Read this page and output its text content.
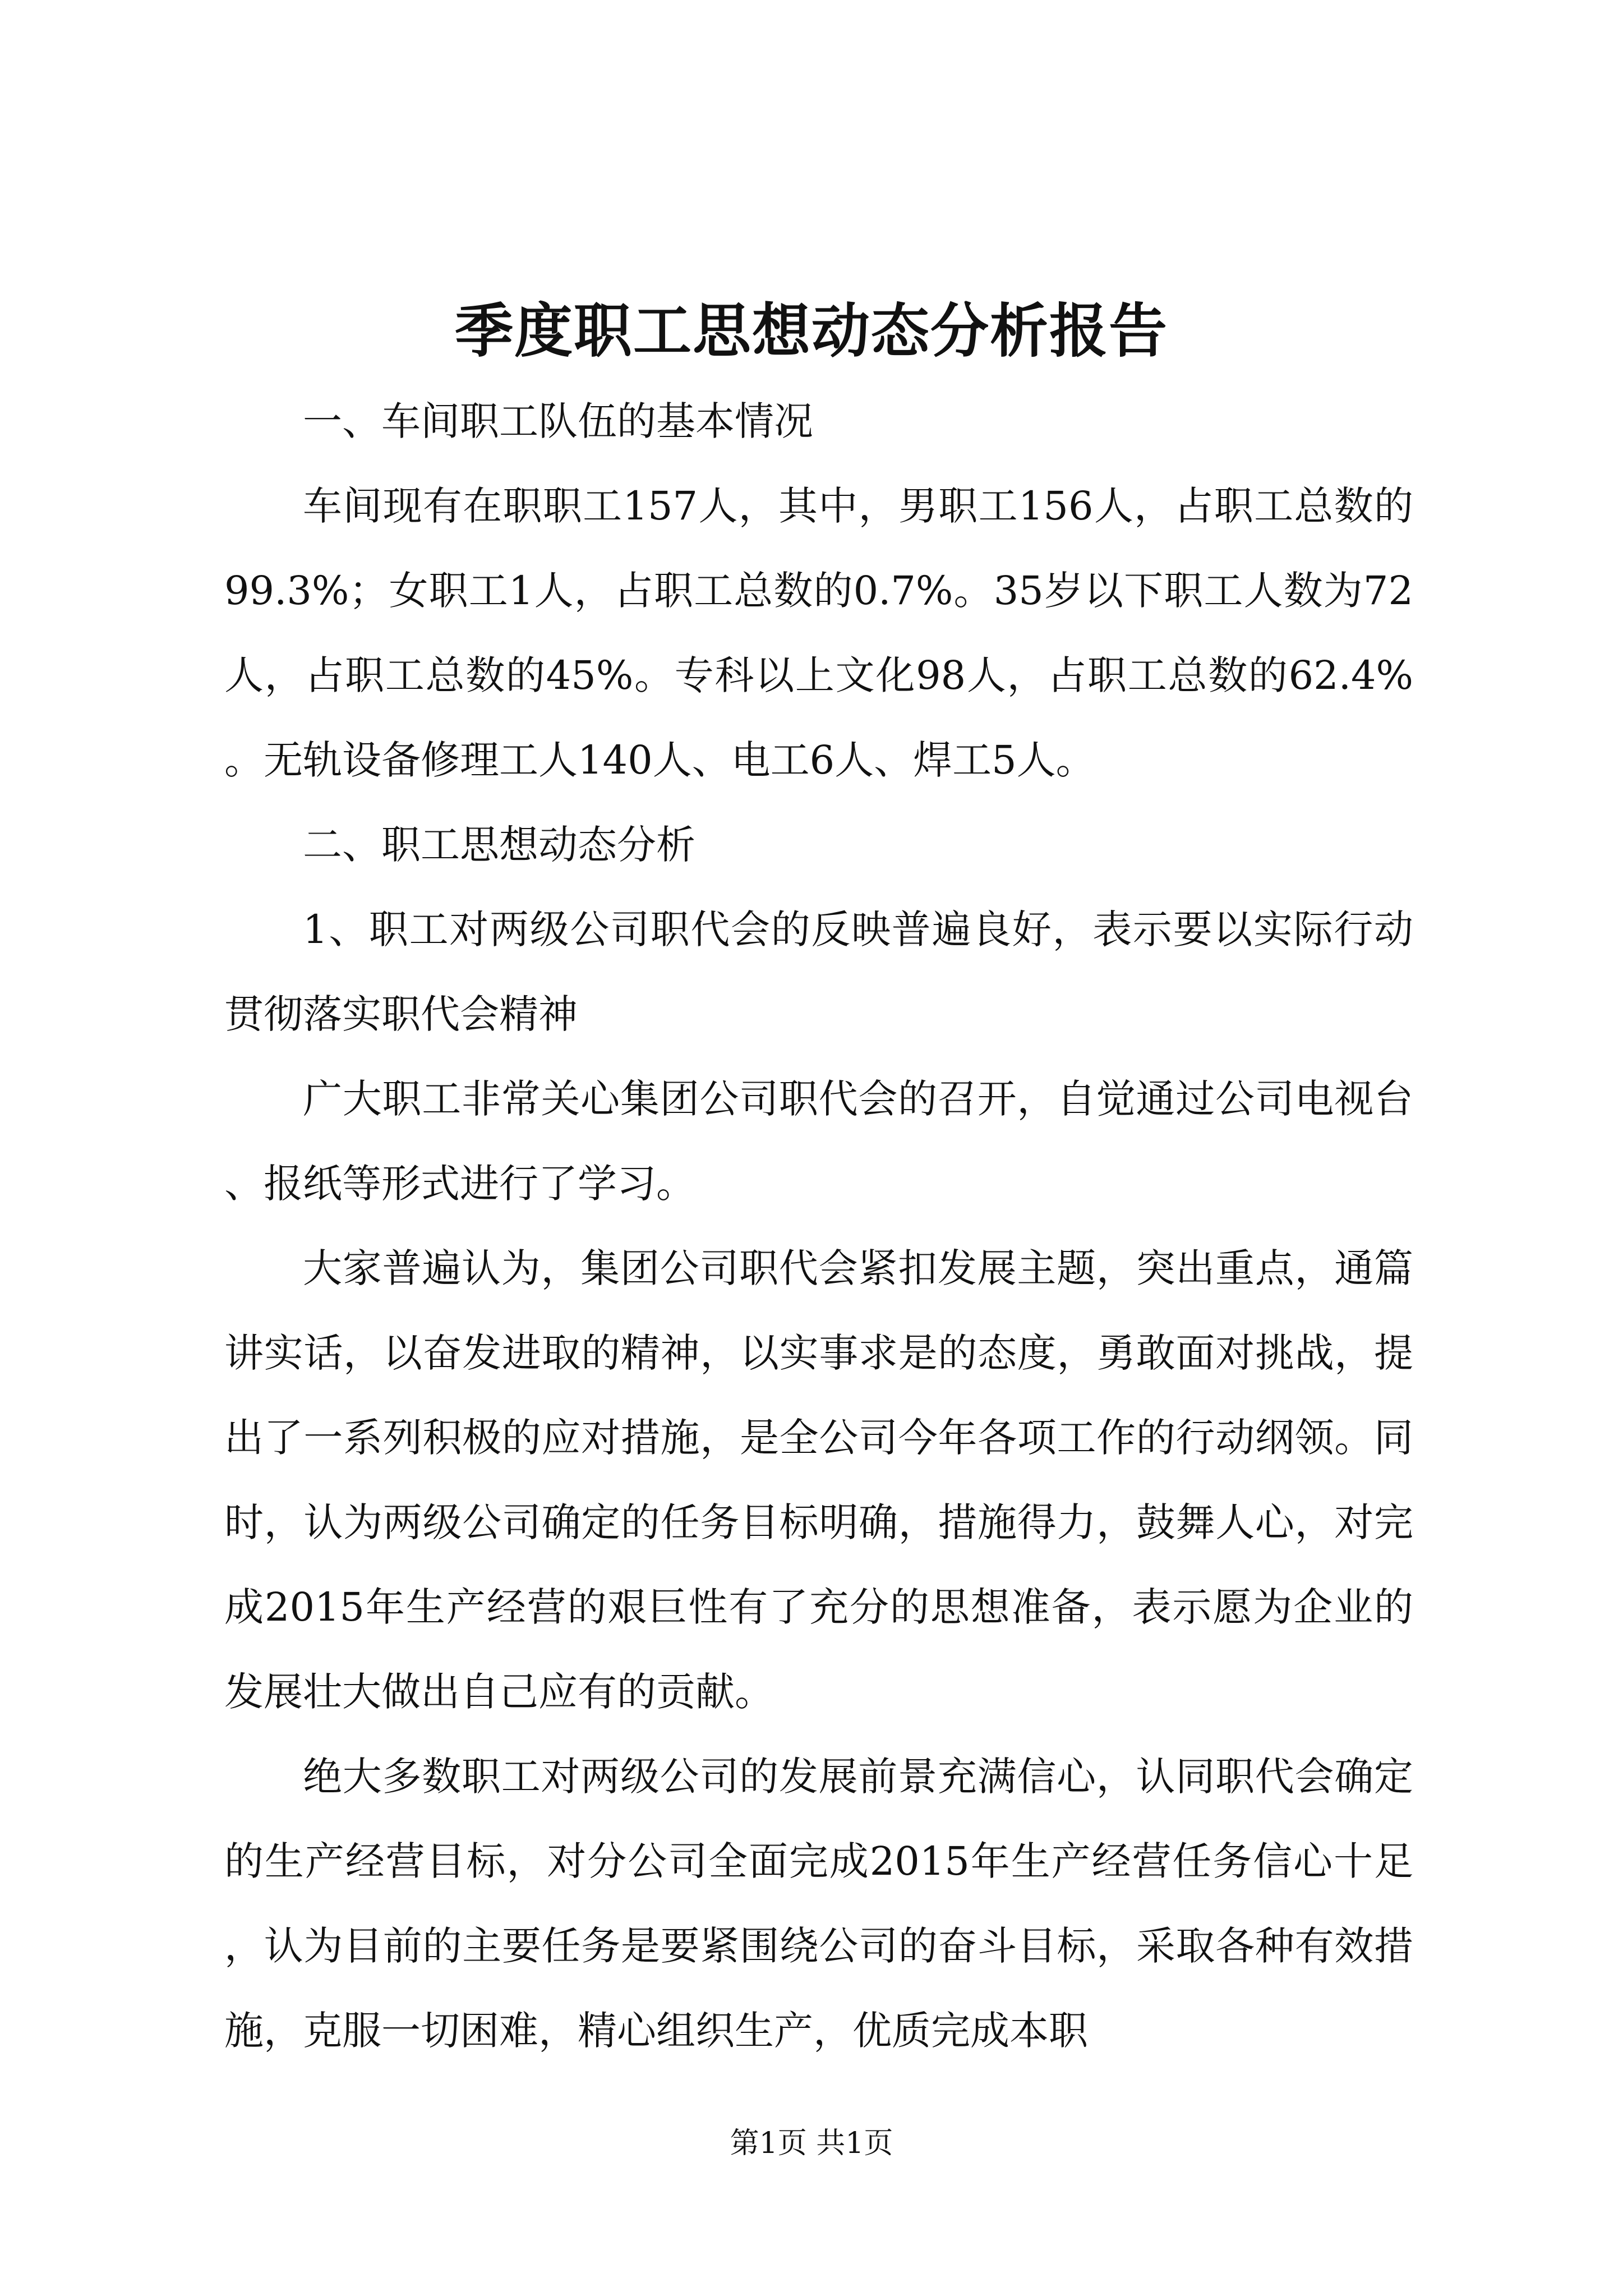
季度职工思想动态分析报告

一、车间职工队伍的基本情况

车间现有在职职工157人，其中，男职工156人，占职工总数的99.3%；女职工1人，占职工总数的0.7%。35岁以下职工人数为72人，占职工总数的45%。专科以上文化98人，占职工总数的62.4%。无轨设备修理工人140人、电工6人、焊工5人。

二、职工思想动态分析

1、职工对两级公司职代会的反映普遍良好，表示要以实际行动贯彻落实职代会精神

广大职工非常关心集团公司职代会的召开，自觉通过公司电视台、报纸等形式进行了学习。

大家普遍认为，集团公司职代会紧扣发展主题，突出重点，通篇讲实话，以奋发进取的精神，以实事求是的态度，勇敢面对挑战，提出了一系列积极的应对措施，是全公司今年各项工作的行动纲领。同时，认为两级公司确定的任务目标明确，措施得力，鼓舞人心，对完成2015年生产经营的艰巨性有了充分的思想准备，表示愿为企业的发展壮大做出自己应有的贡献。

绝大多数职工对两级公司的发展前景充满信心，认同职代会确定的生产经营目标，对分公司全面完成2015年生产经营任务信心十足，认为目前的主要任务是要紧围绕公司的奋斗目标，采取各种有效措施，克服一切困难，精心组织生产，优质完成本职

第1页 共1页
